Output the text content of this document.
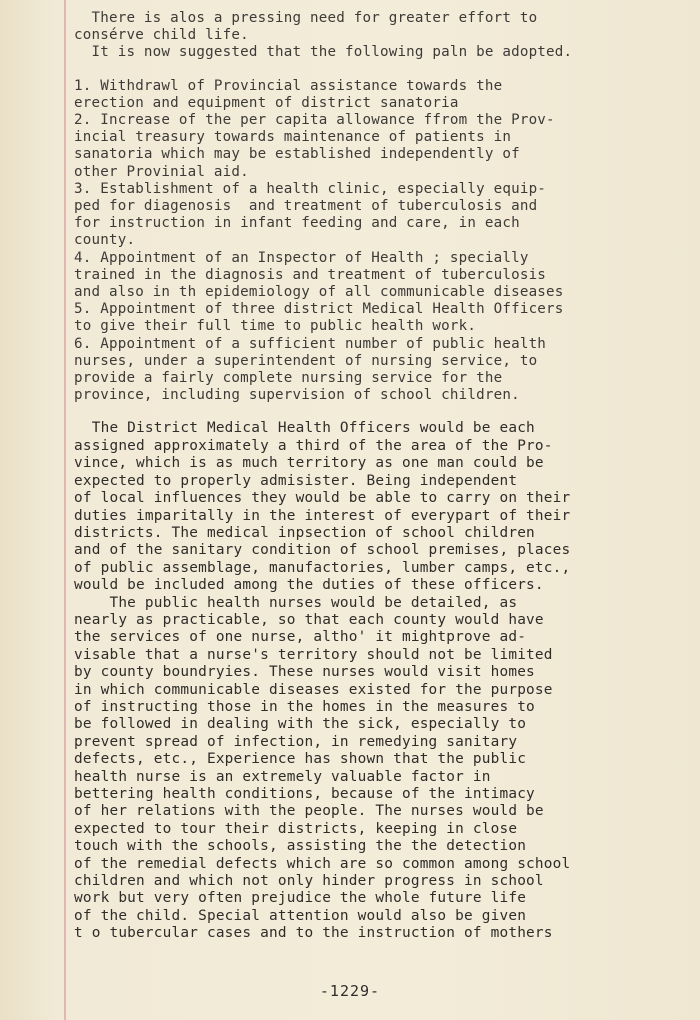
There is alos a pressing need for greater effort to
consérve child life.
It is now suggested that the following paln be adopted.
1. Withdrawl of Provincial assistance towards the
erection and equipment of district sanatoria
2. Increase of the per capita allowance ffrom the Prov-
incial treasury towards maintenance of patients in
sanatoria which may be established independently of
other Provinial aid.
3. Establishment of a health clinic, especially equip-
ped for diagenosis  and treatment of tuberculosis and
for instruction in infant feeding and care, in each
county.
4. Appointment of an Inspector of Health ; specially
trained in the diagnosis and treatment of tuberculosis
and also in th epidemiology of all communicable diseases
5. Appointment of three district Medical Health Officers
to give their full time to public health work.
6. Appointment of a sufficient number of public health
nurses, under a superintendent of nursing service, to
provide a fairly complete nursing service for the
province, including supervision of school children.
The District Medical Health Officers would be each
assigned approximately a third of the area of the Pro-
vince, which is as much territory as one man could be
expected to properly admisister. Being independent
of local influences they would be able to carry on their
duties imparitally in the interest of everypart of their
districts. The medical inpsection of school children
and of the sanitary condition of school premises, places
of public assemblage, manufactories, lumber camps, etc.,
would be included among the duties of these officers.
The public health nurses would be detailed, as
nearly as practicable, so that each county would have
the services of one nurse, altho' it mightprove ad-
visable that a nurse's territory should not be limited
by county boundryies. These nurses would visit homes
in which communicable diseases existed for the purpose
of instructing those in the homes in the measures to
be followed in dealing with the sick, especially to
prevent spread of infection, in remedying sanitary
defects, etc., Experience has shown that the public
health nurse is an extremely valuable factor in
bettering health conditions, because of the intimacy
of her relations with the people. The nurses would be
expected to tour their districts, keeping in close
touch with the schools, assisting the the detection
of the remedial defects which are so common among school
children and which not only hinder progress in school
work but very often prejudice the whole future life
of the child. Special attention would also be given
t o tubercular cases and to the instruction of mothers
-1229-
